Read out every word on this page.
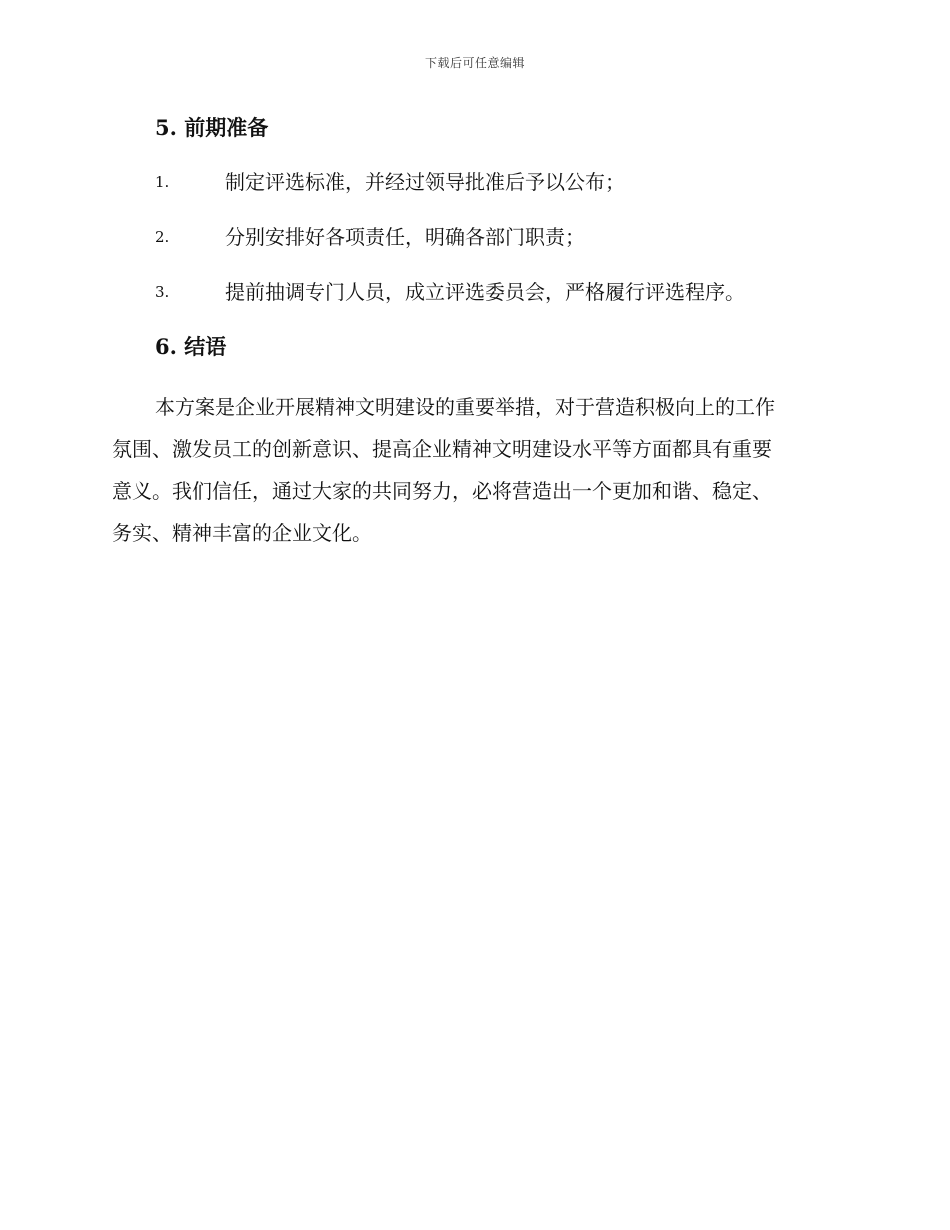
下载后可任意编辑
5. 前期准备
1.	制定评选标准，并经过领导批准后予以公布；
2.	分别安排好各项责任，明确各部门职责；
3.	提前抽调专门人员，成立评选委员会，严格履行评选程序。
6. 结语
本方案是企业开展精神文明建设的重要举措，对于营造积极向上的工作
氛围、激发员工的创新意识、提高企业精神文明建设水平等方面都具有重要
意义。我们信任，通过大家的共同努力，必将营造出一个更加和谐、稳定、
务实、精神丰富的企业文化。
